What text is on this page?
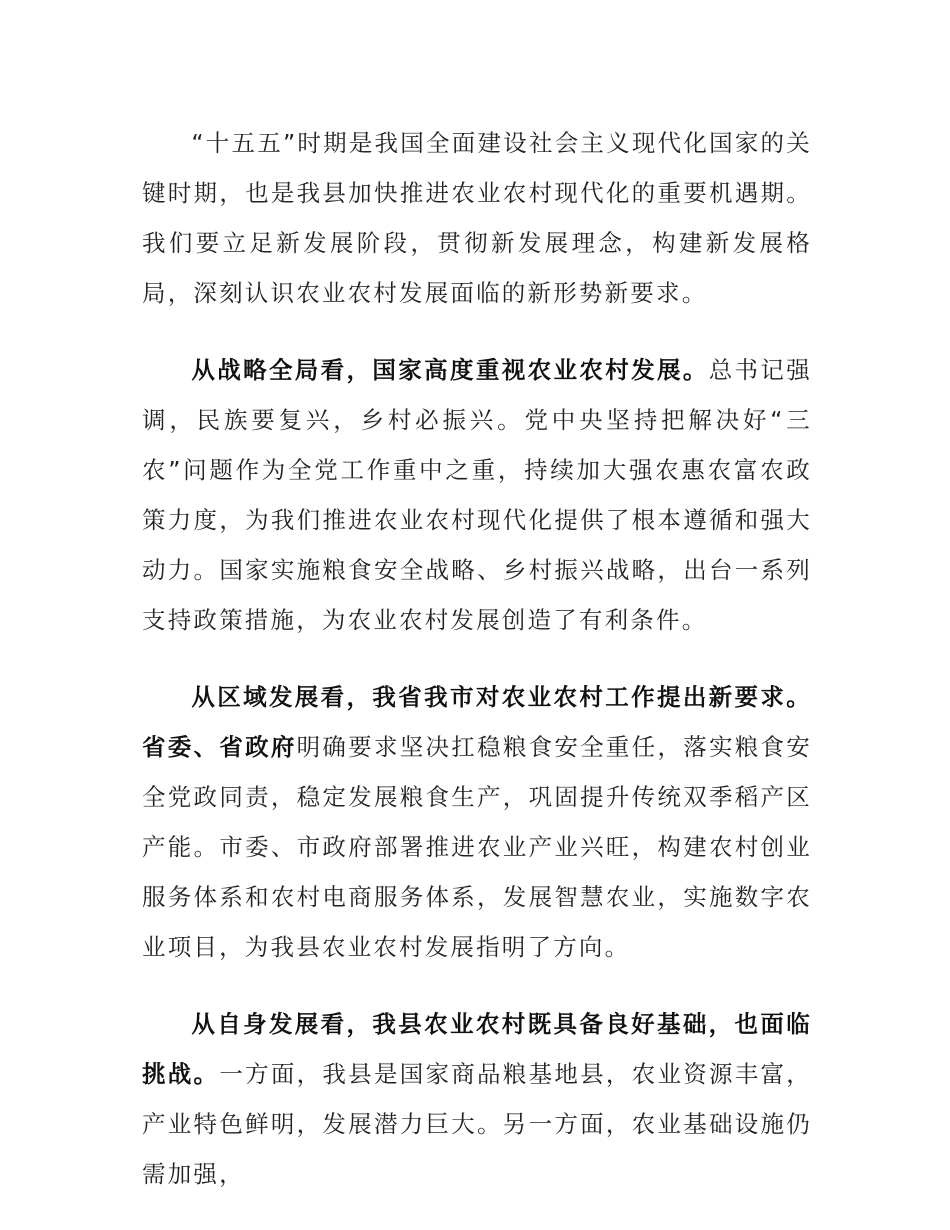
“十五五”时期是我国全面建设社会主义现代化国家的关键时期，也是我县加快推进农业农村现代化的重要机遇期。我们要立足新发展阶段，贯彻新发展理念，构建新发展格局，深刻认识农业农村发展面临的新形势新要求。

从战略全局看，国家高度重视农业农村发展。总书记强调，民族要复兴，乡村必振兴。党中央坚持把解决好“三农”问题作为全党工作重中之重，持续加大强农惠农富农政策力度，为我们推进农业农村现代化提供了根本遵循和强大动力。国家实施粮食安全战略、乡村振兴战略，出台一系列支持政策措施，为农业农村发展创造了有利条件。

从区域发展看，我省我市对农业农村工作提出新要求。省委、省政府明确要求坚决扛稳粮食安全重任，落实粮食安全党政同责，稳定发展粮食生产，巩固提升传统双季稻产区产能。市委、市政府部署推进农业产业兴旺，构建农村创业服务体系和农村电商服务体系，发展智慧农业，实施数字农业项目，为我县农业农村发展指明了方向。

从自身发展看，我县农业农村既具备良好基础，也面临挑战。一方面，我县是国家商品粮基地县，农业资源丰富，产业特色鲜明，发展潜力巨大。另一方面，农业基础设施仍需加强，
